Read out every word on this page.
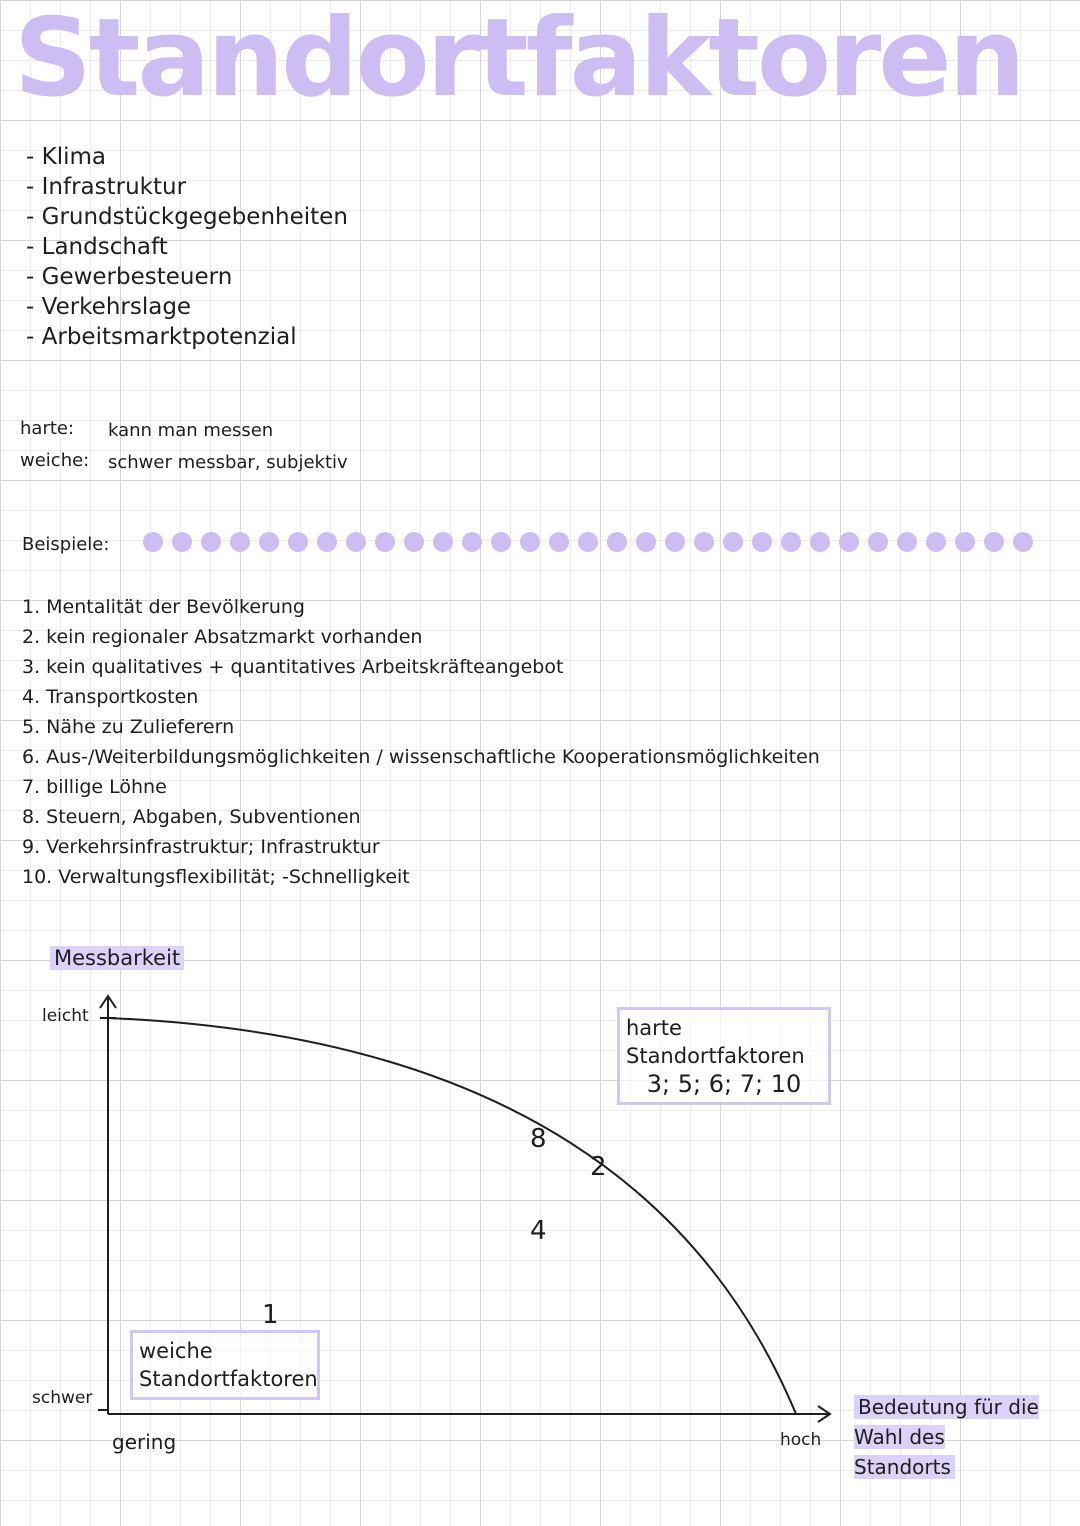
Standortfaktoren
- Klima
- Infrastruktur
- Grundstückgegebenheiten
- Landschaft
- Gewerbesteuern
- Verkehrslage
- Arbeitsmarktpotenzial
harte: kann man messen
weiche: schwer messbar, subjektiv
Beispiele:
1. Mentalität der Bevölkerung
2. kein regionaler Absatzmarkt vorhanden
3. kein qualitatives + quantitatives Arbeitskräfteangebot
4. Transportkosten
5. Nähe zu Zulieferern
6. Aus-/Weiterbildungsmöglichkeiten / wissenschaftliche Kooperationsmöglichkeiten
7. billige Löhne
8. Steuern, Abgaben, Subventionen
9. Verkehrsinfrastruktur; Infrastruktur
10. Verwaltungsflexibilität; -Schnelligkeit
Messbarkeit
leicht
schwer
gering	hoch
harte
Standortfaktoren
3; 5; 6; 7; 10
weiche
Standortfaktoren
8
2
4
1
Bedeutung für die Wahl des Standorts
